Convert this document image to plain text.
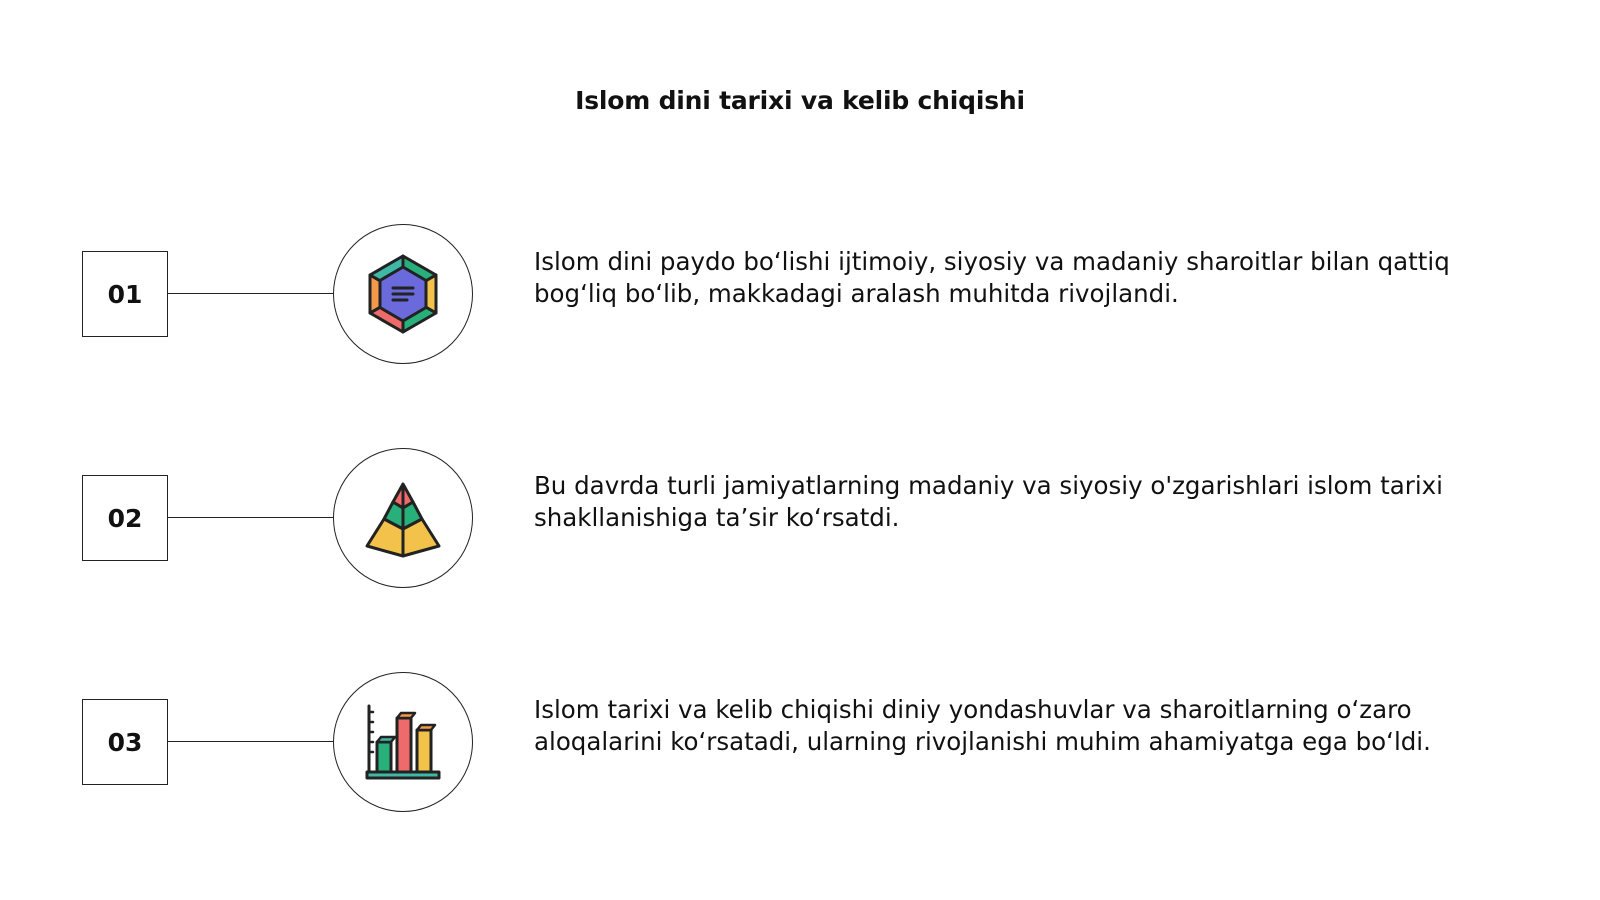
Islom dini tarixi va kelib chiqishi
01
Islom dini paydo bo‘lishi ijtimoiy, siyosiy va madaniy sharoitlar bilan qattiq bog‘liq bo‘lib, makkadagi aralash muhitda rivojlandi.
02
Bu davrda turli jamiyatlarning madaniy va siyosiy o'zgarishlari islom tarixi shakllanishiga ta’sir ko‘rsatdi.
03
Islom tarixi va kelib chiqishi diniy yondashuvlar va sharoitlarning o‘zaro aloqalarini ko‘rsatadi, ularning rivojlanishi muhim ahamiyatga ega bo‘ldi.
